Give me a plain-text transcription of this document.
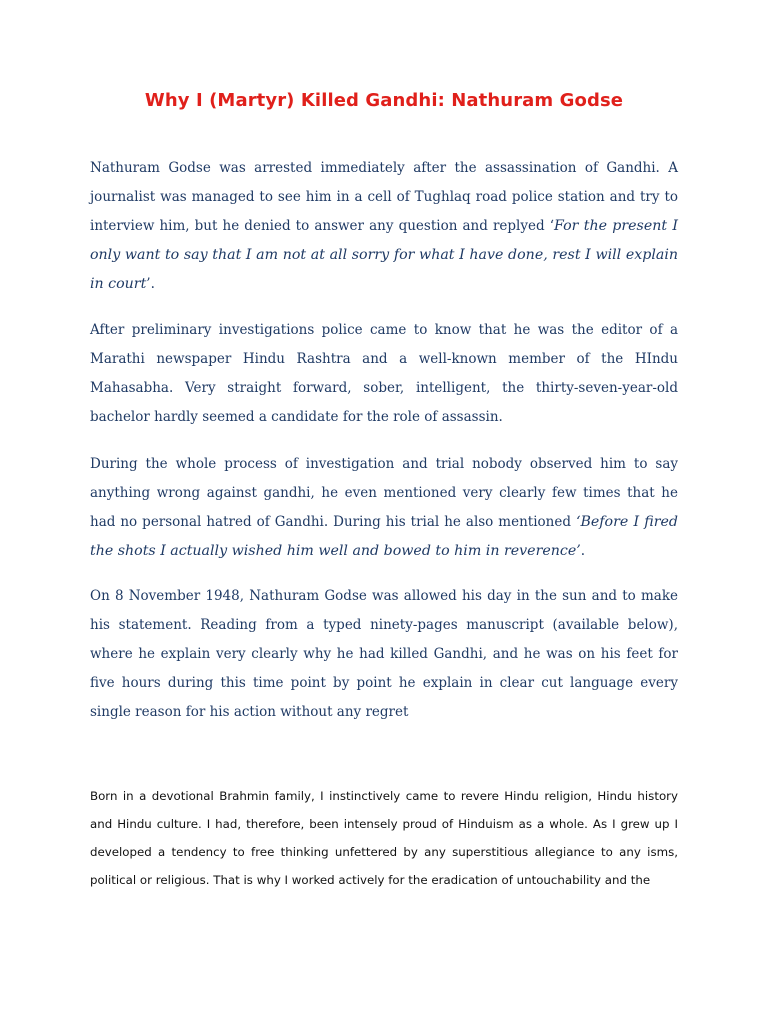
Why I (Martyr) Killed Gandhi: Nathuram Godse

Nathuram Godse was arrested immediately after the assassination of Gandhi. A journalist was managed to see him in a cell of Tughlaq road police station and try to interview him, but he denied to answer any question and replyed ‘For the present I only want to say that I am not at all sorry for what I have done, rest I will explain in court’.

After preliminary investigations police came to know that he was the editor of a Marathi newspaper Hindu Rashtra and a well-known member of the HIndu Mahasabha. Very straight forward, sober, intelligent, the thirty-seven-year-old bachelor hardly seemed a candidate for the role of assassin.

During the whole process of investigation and trial nobody observed him to say anything wrong against gandhi, he even mentioned very clearly few times that he had no personal hatred of Gandhi. During his trial he also mentioned ‘Before I fired the shots I actually wished him well and bowed to him in reverence’.

On 8 November 1948, Nathuram Godse was allowed his day in the sun and to make his statement. Reading from a typed ninety-pages manuscript (available below), where he explain very clearly why he had killed Gandhi, and he was on his feet for five hours during this time point by point he explain in clear cut language every single reason for his action without any regret

Born in a devotional Brahmin family, I instinctively came to revere Hindu religion, Hindu history and Hindu culture. I had, therefore, been intensely proud of Hinduism as a whole. As I grew up I developed a tendency to free thinking unfettered by any superstitious allegiance to any isms, political or religious. That is why I worked actively for the eradication of untouchability and the
